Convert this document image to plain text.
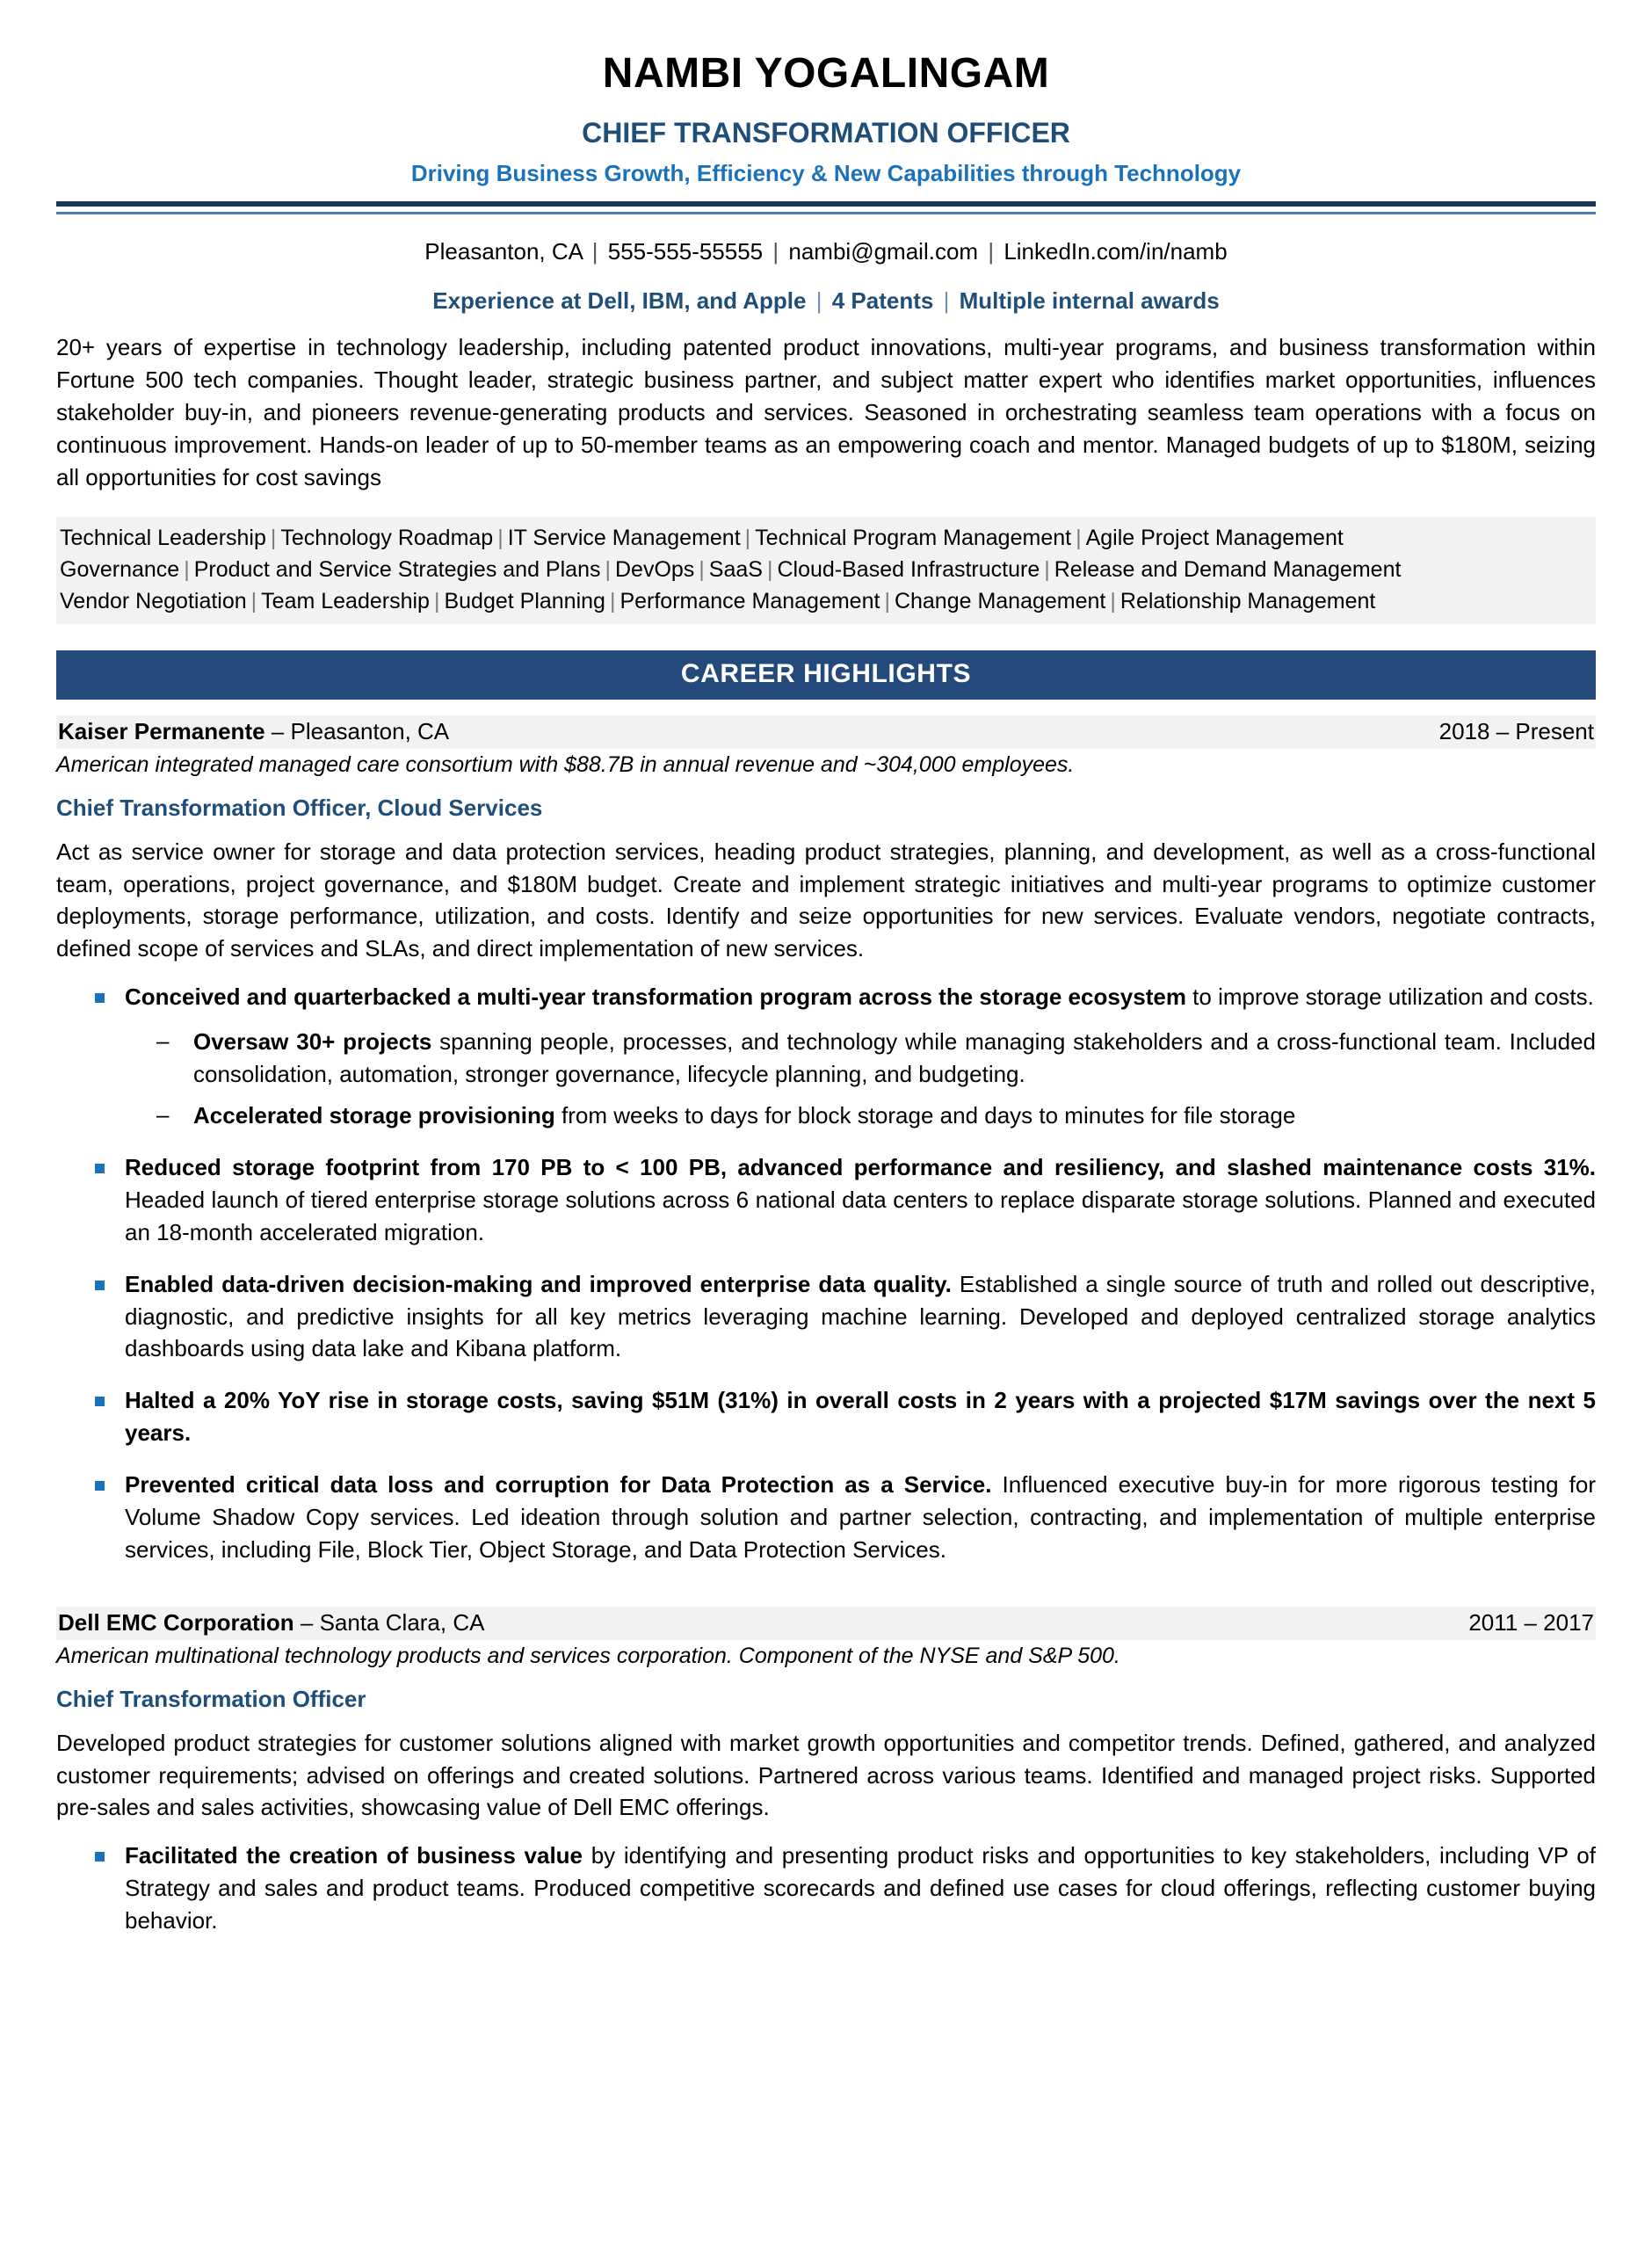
NAMBI YOGALINGAM
CHIEF TRANSFORMATION OFFICER
Driving Business Growth, Efficiency & New Capabilities through Technology
Pleasanton, CA | 555-555-55555 | nambi@gmail.com | LinkedIn.com/in/namb
Experience at Dell, IBM, and Apple | 4 Patents | Multiple internal awards
20+ years of expertise in technology leadership, including patented product innovations, multi-year programs, and business transformation within Fortune 500 tech companies. Thought leader, strategic business partner, and subject matter expert who identifies market opportunities, influences stakeholder buy-in, and pioneers revenue-generating products and services. Seasoned in orchestrating seamless team operations with a focus on continuous improvement. Hands-on leader of up to 50-member teams as an empowering coach and mentor. Managed budgets of up to $180M, seizing all opportunities for cost savings
Technical Leadership | Technology Roadmap | IT Service Management | Technical Program Management | Agile Project Management
Governance | Product and Service Strategies and Plans | DevOps | SaaS | Cloud-Based Infrastructure | Release and Demand Management
Vendor Negotiation | Team Leadership | Budget Planning | Performance Management | Change Management | Relationship Management
CAREER HIGHLIGHTS
Kaiser Permanente – Pleasanton, CA	2018 – Present
American integrated managed care consortium with $88.7B in annual revenue and ~304,000 employees.
Chief Transformation Officer, Cloud Services
Act as service owner for storage and data protection services, heading product strategies, planning, and development, as well as a cross-functional team, operations, project governance, and $180M budget. Create and implement strategic initiatives and multi-year programs to optimize customer deployments, storage performance, utilization, and costs. Identify and seize opportunities for new services. Evaluate vendors, negotiate contracts, defined scope of services and SLAs, and direct implementation of new services.
Conceived and quarterbacked a multi-year transformation program across the storage ecosystem to improve storage utilization and costs.
– Oversaw 30+ projects spanning people, processes, and technology while managing stakeholders and a cross-functional team. Included consolidation, automation, stronger governance, lifecycle planning, and budgeting.
– Accelerated storage provisioning from weeks to days for block storage and days to minutes for file storage
Reduced storage footprint from 170 PB to < 100 PB, advanced performance and resiliency, and slashed maintenance costs 31%. Headed launch of tiered enterprise storage solutions across 6 national data centers to replace disparate storage solutions. Planned and executed an 18-month accelerated migration.
Enabled data-driven decision-making and improved enterprise data quality. Established a single source of truth and rolled out descriptive, diagnostic, and predictive insights for all key metrics leveraging machine learning. Developed and deployed centralized storage analytics dashboards using data lake and Kibana platform.
Halted a 20% YoY rise in storage costs, saving $51M (31%) in overall costs in 2 years with a projected $17M savings over the next 5 years.
Prevented critical data loss and corruption for Data Protection as a Service. Influenced executive buy-in for more rigorous testing for Volume Shadow Copy services. Led ideation through solution and partner selection, contracting, and implementation of multiple enterprise services, including File, Block Tier, Object Storage, and Data Protection Services.
Dell EMC Corporation – Santa Clara, CA	2011 – 2017
American multinational technology products and services corporation. Component of the NYSE and S&P 500.
Chief Transformation Officer
Developed product strategies for customer solutions aligned with market growth opportunities and competitor trends. Defined, gathered, and analyzed customer requirements; advised on offerings and created solutions. Partnered across various teams. Identified and managed project risks. Supported pre-sales and sales activities, showcasing value of Dell EMC offerings.
Facilitated the creation of business value by identifying and presenting product risks and opportunities to key stakeholders, including VP of Strategy and sales and product teams. Produced competitive scorecards and defined use cases for cloud offerings, reflecting customer buying behavior.
